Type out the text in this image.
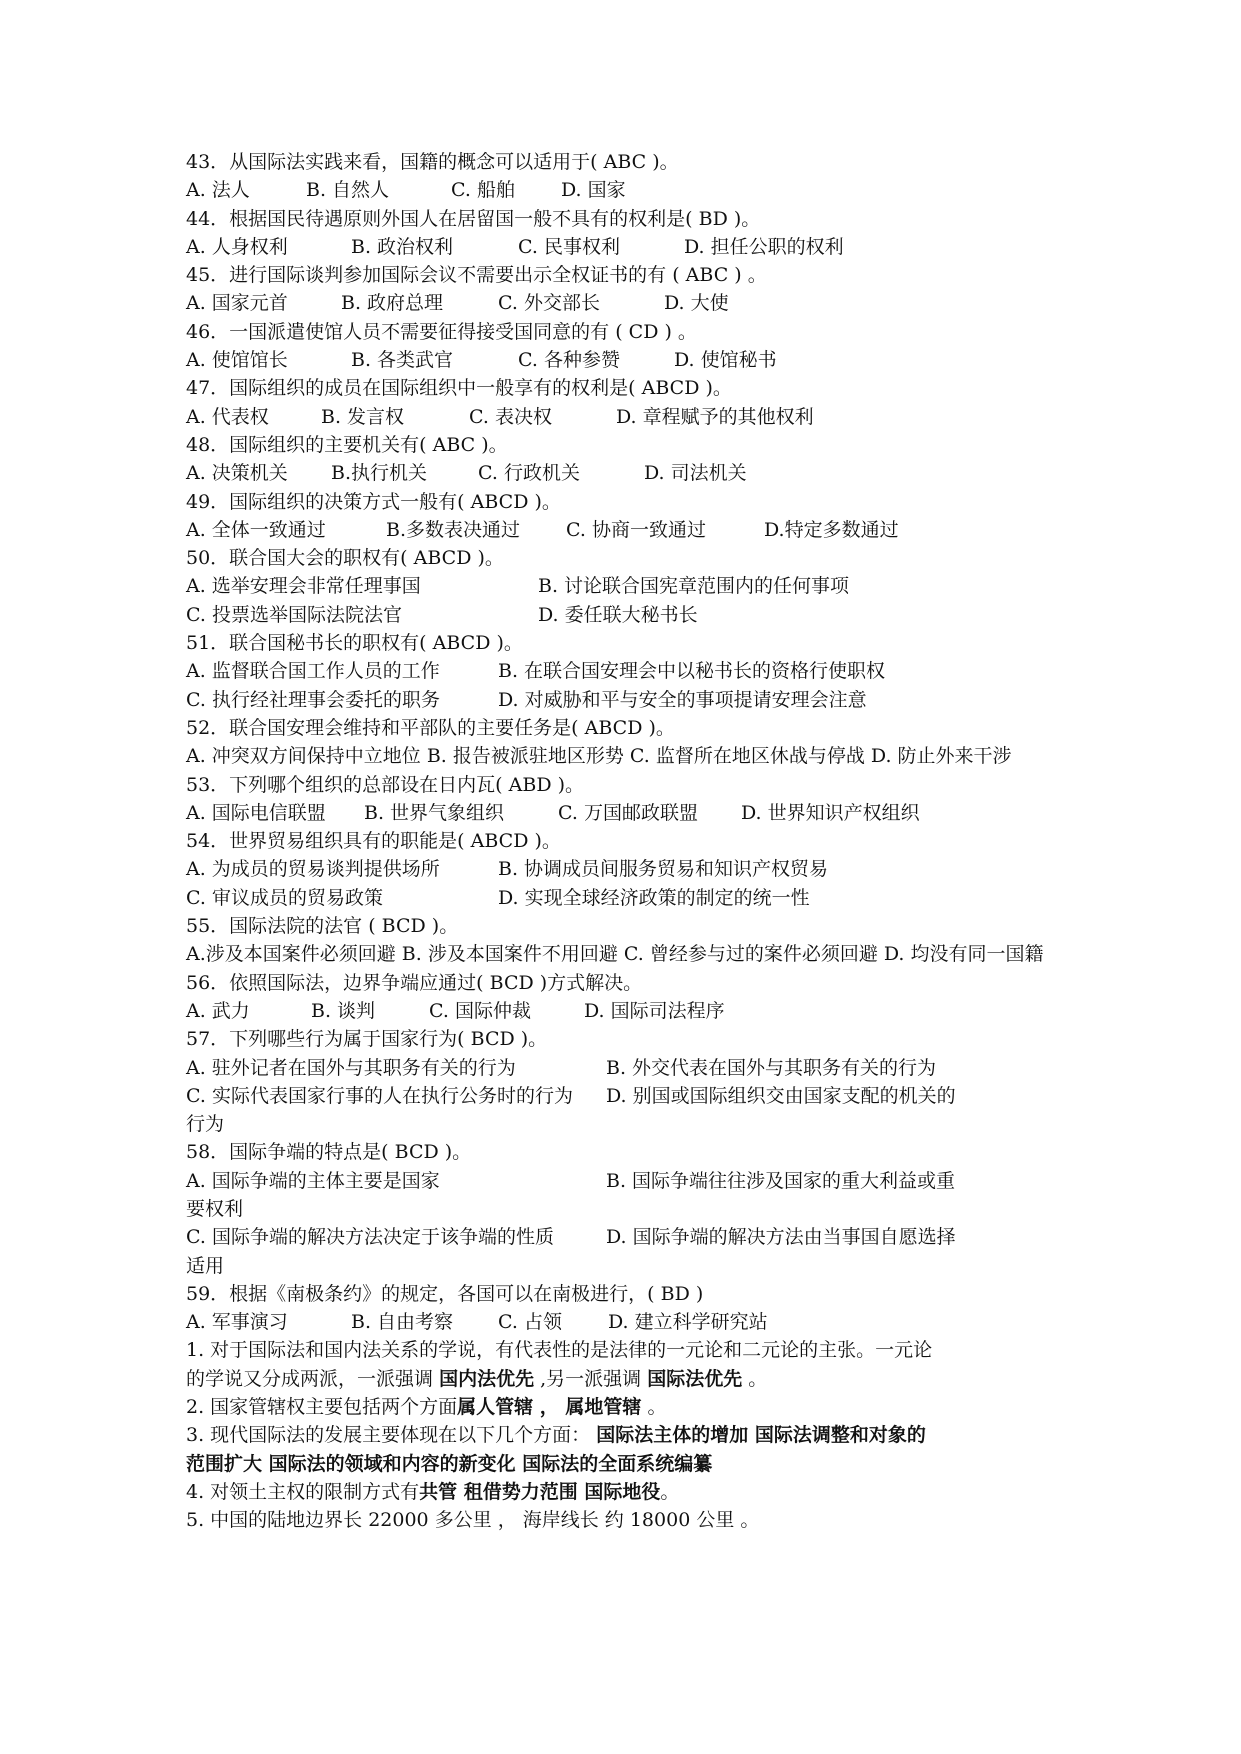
43．从国际法实践来看，国籍的概念可以适用于( ABC )。
A. 法人	B. 自然人	C. 船舶 D. 国家
44．根据国民待遇原则外国人在居留国一般不具有的权利是( BD )。
A. 人身权利	B. 政治权利	C. 民事权利	D. 担任公职的权利
45．进行国际谈判参加国际会议不需要出示全权证书的有 ( ABC ) 。
A. 国家元首	B. 政府总理	C. 外交部长	D. 大使
46．一国派遣使馆人员不需要征得接受国同意的有 ( CD ) 。
A. 使馆馆长	B. 各类武官	C. 各种参赞	D. 使馆秘书
47．国际组织的成员在国际组织中一般享有的权利是( ABCD )。
A. 代表权	B. 发言权	C. 表决权	D. 章程赋予的其他权利
48．国际组织的主要机关有( ABC )。
A. 决策机关 B.执行机关	C. 行政机关	D. 司法机关
49．国际组织的决策方式一般有( ABCD )。
A. 全体一致通过	B.多数表决通过 C. 协商一致通过	D.特定多数通过
50．联合国大会的职权有( ABCD )。
A. 选举安理会非常任理事国	B. 讨论联合国宪章范围内的任何事项
C. 投票选举国际法院法官	D. 委任联大秘书长
51．联合国秘书长的职权有( ABCD )。
A. 监督联合国工作人员的工作	B. 在联合国安理会中以秘书长的资格行使职权
C. 执行经社理事会委托的职务	D. 对威胁和平与安全的事项提请安理会注意
52．联合国安理会维持和平部队的主要任务是( ABCD )。
A. 冲突双方间保持中立地位 B. 报告被派驻地区形势 C. 监督所在地区休战与停战 D. 防止外来干涉
53．下列哪个组织的总部设在日内瓦( ABD )。
A. 国际电信联盟 B. 世界气象组织	C. 万国邮政联盟 D. 世界知识产权组织
54．世界贸易组织具有的职能是( ABCD )。
A. 为成员的贸易谈判提供场所	B. 协调成员间服务贸易和知识产权贸易
C. 审议成员的贸易政策	D. 实现全球经济政策的制定的统一性
55．国际法院的法官 ( BCD )。
A.涉及本国案件必须回避 B. 涉及本国案件不用回避 C. 曾经参与过的案件必须回避 D. 均没有同一国籍
56．依照国际法，边界争端应通过( BCD )方式解决。
A. 武力	B. 谈判	C. 国际仲裁	D. 国际司法程序
57．下列哪些行为属于国家行为( BCD )。
A. 驻外记者在国外与其职务有关的行为	B. 外交代表在国外与其职务有关的行为
C. 实际代表国家行事的人在执行公务时的行为 D. 别国或国际组织交由国家支配的机关的
行为
58．国际争端的特点是( BCD )。
A. 国际争端的主体主要是国家	B. 国际争端往往涉及国家的重大利益或重
要权利
C. 国际争端的解决方法决定于该争端的性质	D. 国际争端的解决方法由当事国自愿选择
适用
59．根据《南极条约》的规定，各国可以在南极进行，( BD )
A. 军事演习	B. 自由考察 C. 占领 D. 建立科学研究站
1. 对于国际法和国内法关系的学说，有代表性的是法律的一元论和二元论的主张。一元论
的学说又分成两派，一派强调 国内法优先 ,另一派强调 国际法优先 。
2. 国家管辖权主要包括两个方面属人管辖 ， 属地管辖 。
3. 现代国际法的发展主要体现在以下几个方面： 国际法主体的增加 国际法调整和对象的
范围扩大 国际法的领域和内容的新变化 国际法的全面系统编纂
4. 对领土主权的限制方式有共管 租借势力范围 国际地役。
5. 中国的陆地边界长 22000 多公里 ， 海岸线长 约 18000 公里 。
